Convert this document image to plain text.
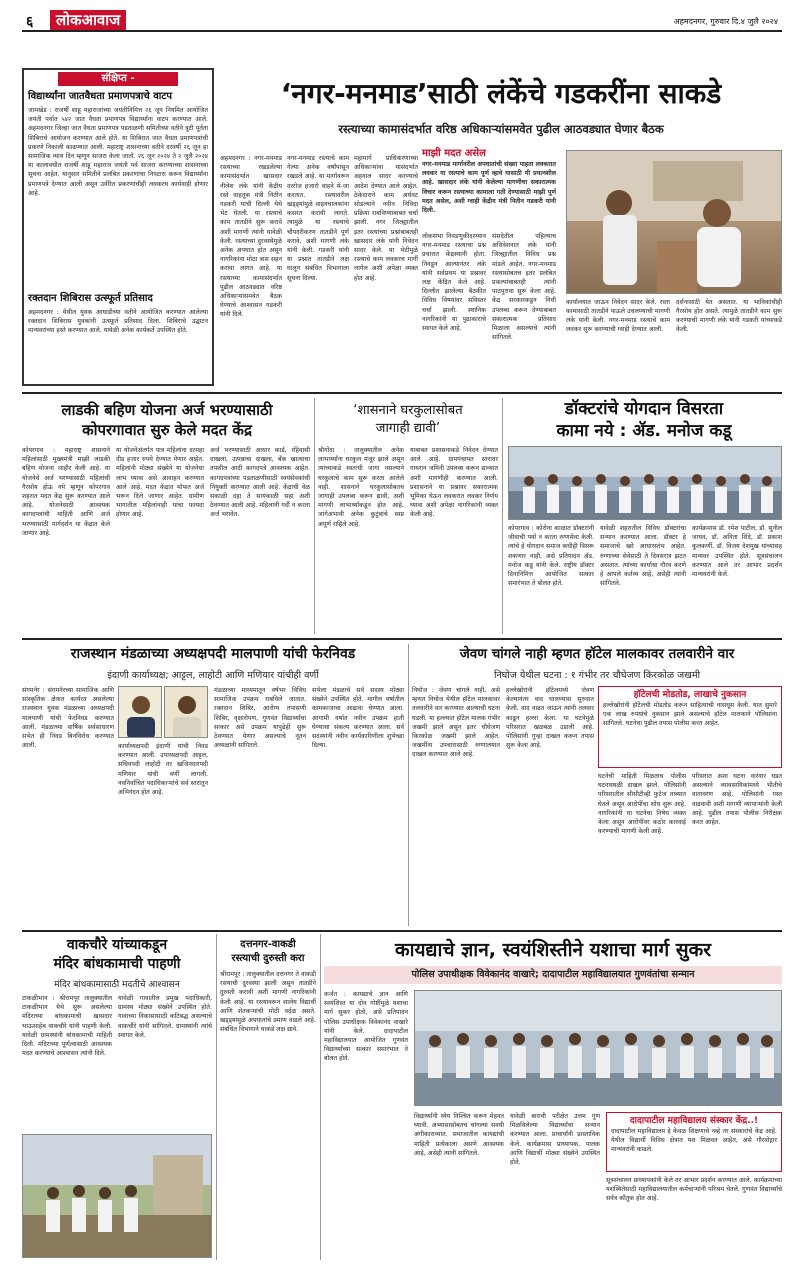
६	लोकआवाज	अहमदनगर, गुरुवार दि.४ जुलै २०२४
संक्षिप्त -
विद्यार्थ्यांना जातवैधता प्रमाणपत्राचे वाटप
जामखेड : राजर्षी शाहू महाराजांच्या जयंतीनिमित्त २६ जून नियमित आयोजित जयंती पर्वात ५४२ जात वैधता प्रमाणपत्र विद्यार्थ्यांना वाटप करण्यात आले. अहमदनगर जिल्हा जात वैधता प्रमाणपत्र पडताळणी समितीच्या वतीने त्रुटी पूर्तता शिबिराचे आयोजन करण्यात आले होते. या शिबिरात जात वैधता प्रमाणपत्रांची प्रकरणे निकाली काढण्यात आली. महाराष्ट्र शासनाच्या वतीने दरवर्षी २६ जून हा सामाजिक न्याय दिन म्हणून साजरा केला जातो. २६ जून २०२४ ते २ जुलै २०२४ या कालावधीत राजर्षी शाहू महाराज जयंती पर्व साजरा करण्याच्या शासनाच्या सूचना आहेत. यानुसार समितीने प्रलंबित प्रकरणांचा निपटारा करून विद्यार्थ्यांना प्रमाणपत्रे देण्यात आली असून उर्वरित प्रकरणांचीही लवकरच कार्यवाही होणार आहे.
रक्तदान शिबिरास उत्स्फूर्त प्रतिसाद
अहमदनगर : येथील युवक आघाडीच्या वतीने आयोजित करण्यात आलेल्या रक्तदान शिबिरास युवकांनी उत्स्फूर्त प्रतिसाद दिला. शिबिराचे उद्घाटन मान्यवरांच्या हस्ते करण्यात आले. यावेळी अनेक कार्यकर्ते उपस्थित होते.
‘नगर-मनमाड’साठी लंकेंचे गडकरींना साकडे
रस्त्याच्या कामासंदर्भात वरिष्ठ अधिकाऱ्यांसमवेत पुढील आठवड्यात घेणार बैठक
अहमदनगर : नगर-मनमाड रस्त्याच्या रखडलेल्या कामासंदर्भात खासदार नीलेश लंके यांनी केंद्रीय रस्ते वाहतूक मंत्री नितीन गडकरी यांची दिल्ली येथे भेट घेतली. या रस्त्याचे काम तातडीने सुरू करावे अशी मागणी त्यांनी यावेळी केली. रस्त्याच्या दुरवस्थेमुळे अनेक अपघात होत असून नागरिकांना मोठा त्रास सहन करावा लागत आहे. या रस्त्याच्या कामासंदर्भात पुढील आठवड्यात वरिष्ठ अधिकाऱ्यांसमवेत बैठक घेण्याचे आश्वासन गडकरी यांनी दिले.
नगर-मनमाड रस्त्याचे काम गेल्या अनेक वर्षांपासून रखडले आहे. या मार्गावरून दररोज हजारो वाहने ये-जा करतात. रस्त्यावरील खड्ड्यांमुळे वाहनचालकांना कसरत करावी लागते. त्यामुळे या रस्त्याचे चौपदरीकरण तातडीने पूर्ण करावे, अशी मागणी लंके यांनी केली. गडकरी यांनी या प्रश्नात तातडीने लक्ष घालून संबंधित विभागाला सूचना दिल्या.
महामार्ग प्राधिकरणाच्या अधिकाऱ्यांना यासंदर्भात अहवाल सादर करण्याचे आदेश देण्यात आले आहेत. ठेकेदाराने काम अर्धवट सोडल्याने नवीन निविदा प्रक्रिया राबविण्याबाबत चर्चा झाली. नगर जिल्ह्यातील इतर रस्त्यांच्या प्रश्नांबाबतही खासदार लंके यांनी निवेदन सादर केले. या भेटीमुळे रस्त्याचे काम लवकरच मार्गी लागेल अशी अपेक्षा व्यक्त होत आहे.
माझी मदत असेल
नगर-मनमाड मार्गावरील अपघातांची संख्या पाहता लवकरात लवकर या रस्त्याचे काम पूर्ण व्हावे यासाठी मी प्रयत्नशील आहे. खासदार लंके यांनी केलेल्या मागणीचा सकारात्मक विचार करून रस्त्याच्या कामाला गती देण्यासाठी माझी पूर्ण मदत असेल, अशी ग्वाही केंद्रीय मंत्री नितीन गडकरी यांनी दिली.
लोकसभा निवडणुकीदरम्यान नगर-मनमाड रस्त्याचा प्रश्न प्रचारात केंद्रस्थानी होता. निवडून आल्यानंतर लंके यांनी सर्वप्रथम या प्रश्नावर लक्ष केंद्रित केले आहे. दिल्लीत झालेल्या बैठकीत विविध विषयांवर सविस्तर चर्चा झाली. स्थानिक नागरिकांनी या पुढाकाराचे स्वागत केले आहे.
संसदेतील पहिल्याच अधिवेशनात लंके यांनी जिल्ह्यातील विविध प्रश्न मांडले आहेत. नगर-मनमाड रस्त्यासोबतच इतर प्रलंबित प्रकल्पांबाबतही त्यांनी पाठपुरावा सुरू केला आहे. केंद्र सरकारकडून निधी उपलब्ध करून देण्याबाबत सकारात्मक प्रतिसाद मिळाला असल्याचे त्यांनी सांगितले.
कार्यालयात जाऊन निवेदन सादर केले. रस्ता कामासाठी तातडीने पाऊले उचलण्याची मागणी लंके यांनी केली. नगर-मनमाड रस्त्याचे काम लवकर सुरू करण्याची ग्वाही देण्यात आली.
दर्शनासाठी येत असतात. या भाविकांचीही गैरसोय होत असते. त्यामुळे तातडीने काम सुरू करण्याची मागणी लंके यांनी गडकरी यांच्याकडे केली.
लाडकी बहिण योजना अर्ज भरण्यासाठी
कोपरगावात सुरु केले मदत केंद्र
कोपरगाव : महाराष्ट्र शासनाने महिलांसाठी मुख्यमंत्री माझी लाडकी बहिण योजना जाहीर केली आहे. या योजनेचे अर्ज भरण्यासाठी महिलांची गैरसोय होऊ नये म्हणून कोपरगाव शहरात मदत केंद्र सुरू करण्यात आले आहे. योजनेसाठी आवश्यक कागदपत्रांची माहिती आणि अर्ज भरण्यासाठी मार्गदर्शन या केंद्रात केले जाणार आहे.
या योजनेअंतर्गत पात्र महिलांना दरमहा दीड हजार रुपये देण्यात येणार आहेत. महिलांनी मोठ्या संख्येने या योजनेचा लाभ घ्यावा असे आवाहन करण्यात आले आहे. मदत केंद्रात मोफत अर्ज भरून दिले जाणार आहेत. ग्रामीण भागातील महिलांनाही याचा फायदा होणार आहे.
अर्ज भरण्यासाठी आधार कार्ड, रहिवासी दाखला, उत्पन्नाचा दाखला, बँक खात्याचा तपशील आदी कागदपत्रे आवश्यक आहेत. कागदपत्रांच्या पडताळणीसाठी स्वयंसेवकांची नियुक्ती करण्यात आली आहे. केंद्राची वेळ सकाळी दहा ते सायंकाळी सहा अशी ठेवण्यात आली आहे. महिलांनी गर्दी न करता अर्ज भरावेत.
‘शासनाने घरकुलासोबत
जागाही द्यावी’
श्रीगोंदा : तालुक्यातील अनेक लाभार्थ्यांना घरकुल मंजूर झाले असून त्यांच्याकडे स्वतःची जागा नसल्याने घरकुलाचे काम सुरू करता आलेले नाही. शासनाने घरकुलासोबतच जागाही उपलब्ध करून द्यावी, अशी मागणी लाभार्थ्यांकडून होत आहे. जागेअभावी अनेक कुटुंबांचे स्वप्न अपूर्ण राहिले आहे.
याबाबत प्रशासनाकडे निवेदन देण्यात आले आहे. ग्रामपंचायत स्तरावर गायरान जमिनी उपलब्ध करून द्याव्यात अशी मागणीही करण्यात आली. प्रशासनाने या प्रश्नावर सकारात्मक भूमिका घेऊन लवकरात लवकर निर्णय घ्यावा अशी अपेक्षा नागरिकांनी व्यक्त केली आहे.
डॉक्टरांचे योगदान विसरता
कामा नये : ॲड. मनोज कडू
कोपरगाव : कोरोना काळात डॉक्टरांनी जीवाची पर्वा न करता रुग्णसेवा केली. त्यांचे हे योगदान समाज कधीही विसरू शकणार नाही, असे प्रतिपादन ॲड. मनोज कडू यांनी केले. राष्ट्रीय डॉक्टर दिनानिमित्त आयोजित सत्कार समारंभात ते बोलत होते.
यावेळी शहरातील विविध डॉक्टरांचा सन्मान करण्यात आला. डॉक्टर हे समाजाचे खरे आधारस्तंभ आहेत. रुग्णांच्या सेवेसाठी ते दिवसरात्र झटत असतात. त्यांच्या कार्याचा गौरव करणे हे आपले कर्तव्य आहे, असेही त्यांनी सांगितले.
कार्यक्रमास डॉ. रमेश पाटील, डॉ. सुनील जाधव, डॉ. अनिता शिंदे, डॉ. प्रकाश कुलकर्णी, डॉ. विजय देशमुख यांच्यासह मान्यवर उपस्थित होते. सूत्रसंचालन करण्यात आले तर आभार प्रदर्शन मान्यवरांनी केले.
राजस्थान मंडळाच्या अध्यक्षपदी मालपाणी यांची फेरनिवड
इंदाणी कार्याध्यक्ष; आट्टल, लाहोटी आणि मणियार यांचीही वर्णी
संगमनेर : संगमनेरच्या सामाजिक आणि सांस्कृतिक क्षेत्रात कार्यरत असलेल्या राजस्थान युवक मंडळाच्या अध्यक्षपदी मालपाणी यांची फेरनिवड करण्यात आली. मंडळाच्या वार्षिक सर्वसाधारण सभेत ही निवड बिनविरोध करण्यात आली.	कार्याध्यक्षपदी इंदाणी यांची निवड करण्यात आली. उपाध्यक्षपदी आट्टल, सचिवपदी लाहोटी तर खजिनदारपदी मणियार यांची वर्णी लागली. नवनिर्वाचित पदाधिकाऱ्यांचे सर्व स्तरातून अभिनंदन होत आहे.
मंडळाच्या माध्यमातून वर्षभर विविध सामाजिक उपक्रम राबविले जातात. रक्तदान शिबिर, आरोग्य तपासणी शिबिर, वृक्षारोपण, गुणवंत विद्यार्थ्यांचा सत्कार असे उपक्रम यापुढेही सुरू ठेवण्यात येणार असल्याचे नूतन अध्यक्षांनी सांगितले.
सभेला मंडळाचे सर्व सदस्य मोठ्या संख्येने उपस्थित होते. मागील वर्षातील कामकाजाचा आढावा घेण्यात आला. आगामी वर्षात नवीन उपक्रम हाती घेण्याचा संकल्प करण्यात आला. सर्व सदस्यांनी नवीन कार्यकारिणीला शुभेच्छा दिल्या.
जेवण चांगले नाही म्हणत हॉटेल मालकावर तलवारीने वार
निघोज येथील घटना : १ गंभीर तर चौघेजण किरकोळ जखमी
निघोज : जेवण चांगले नाही, असे म्हणत निघोज येथील हॉटेल मालकावर तलवारीने वार करण्यात आल्याची घटना घडली. या हल्ल्यात हॉटेल मालक गंभीर जखमी झाले असून इतर चौघेजण किरकोळ जखमी झाले आहेत. जखमींना उपचारासाठी रुग्णालयात दाखल करण्यात आले आहे.
हल्लेखोरांनी हॉटेलमध्ये जेवण केल्यानंतर वाद घालण्यास सुरुवात केली. वाद वाढत जाऊन त्यांनी तलवार काढून हल्ला केला. या घटनेमुळे परिसरात खळबळ उडाली आहे. पोलिसांनी गुन्हा दाखल करून तपास सुरू केला आहे.
हॉटेलची मोडतोड, लाखाचे नुकसान
हल्लेखोरांनी हॉटेलची मोडतोड करून साहित्याची नासधूस केली. यात सुमारे एक लाख रुपयांचे नुकसान झाले असल्याचे हॉटेल मालकाने पोलिसांना सांगितले. घटनेचा पुढील तपास पोलीस करत आहेत.
घटनेची माहिती मिळताच पोलीस घटनास्थळी दाखल झाले. पोलिसांनी परिसरातील सीसीटीव्ही फुटेज ताब्यात घेतले असून आरोपींचा शोध सुरू आहे. नागरिकांनी या घटनेचा निषेध व्यक्त केला असून आरोपींवर कठोर कारवाई करण्याची मागणी केली आहे.
परिसरात अशा घटना वारंवार घडत असल्याने व्यावसायिकांमध्ये भीतीचे वातावरण आहे. पोलिसांनी गस्त वाढवावी अशी मागणी व्यापाऱ्यांनी केली आहे. पुढील तपास पोलीस निरीक्षक करत आहेत.
वाकचौरे यांच्याकडून
मंदिर बांधकामाची पाहणी
मंदिर बांधकामासाठी मदतीचे आश्वासन
टाकळीभान : श्रीरामपूर तालुक्यातील टाकळीभान येथे सुरू असलेल्या मंदिराच्या बांधकामाची खासदार भाऊसाहेब वाकचौरे यांनी पाहणी केली. यावेळी ग्रामस्थांनी बांधकामाची माहिती दिली. मंदिराच्या पूर्णत्वासाठी आवश्यक मदत करण्याचे आश्वासन त्यांनी दिले.
यावेळी गावातील प्रमुख पदाधिकारी, ग्रामस्थ मोठ्या संख्येने उपस्थित होते. गावाच्या विकासासाठी कटिबद्ध असल्याचे वाकचौरे यांनी सांगितले. ग्रामस्थांनी त्यांचे स्वागत केले.
दत्तनगर-वाकडी
रस्त्याची दुरुस्ती करा
श्रीरामपूर : तालुक्यातील दत्तनगर ते वाकडी रस्त्याची दुरवस्था झाली असून तातडीने दुरुस्ती करावी अशी मागणी नागरिकांनी केली आहे. या रस्त्यावरून शालेय विद्यार्थी आणि शेतकऱ्यांची मोठी वर्दळ असते. खड्ड्यांमुळे अपघातांचे प्रमाण वाढले आहे. संबंधित विभागाने याकडे लक्ष द्यावे.
कायद्याचे ज्ञान, स्वयंशिस्तीने यशाचा मार्ग सुकर
पोलिस उपाधीक्षक विवेकानंद वाखारे; दादापाटील महाविद्यालयात गुणवंतांचा सन्मान
कर्जत : कायद्याचे ज्ञान आणि स्वयंशिस्त या दोन गोष्टींमुळे यशाचा मार्ग सुकर होतो, असे प्रतिपादन पोलिस उपाधीक्षक विवेकानंद वाखारे यांनी केले. दादापाटील महाविद्यालयात आयोजित गुणवंत विद्यार्थ्यांच्या सत्कार समारंभात ते बोलत होते.
विद्यार्थ्यांनी ध्येय निश्चित करून मेहनत घ्यावी. अभ्यासासोबतच चांगल्या सवयी अंगीकाराव्यात. समाजातील कायद्यांची माहिती प्रत्येकाला असणे आवश्यक आहे, असेही त्यांनी सांगितले.
यावेळी बारावी परीक्षेत उत्तम गुण मिळविलेल्या विद्यार्थ्यांचा सन्मान करण्यात आला. प्राचार्यांनी प्रास्ताविक केले. कार्यक्रमास प्राध्यापक, पालक आणि विद्यार्थी मोठ्या संख्येने उपस्थित होते.
दादापाटील महाविद्यालय संस्कार केंद्र..!
दादापाटील महाविद्यालय हे केवळ शिक्षणाचे नव्हे तर संस्कारांचे केंद्र आहे. येथील विद्यार्थी विविध क्षेत्रात यश मिळवत आहेत, असे गौरवोद्गार मान्यवरांनी काढले.
सूत्रसंचालन प्राध्यापकांनी केले तर आभार प्रदर्शन करण्यात आले. कार्यक्रमाच्या यशस्वितेसाठी महाविद्यालयातील कर्मचाऱ्यांनी परिश्रम घेतले. गुणवंत विद्यार्थ्यांचे सर्वत्र कौतुक होत आहे.
